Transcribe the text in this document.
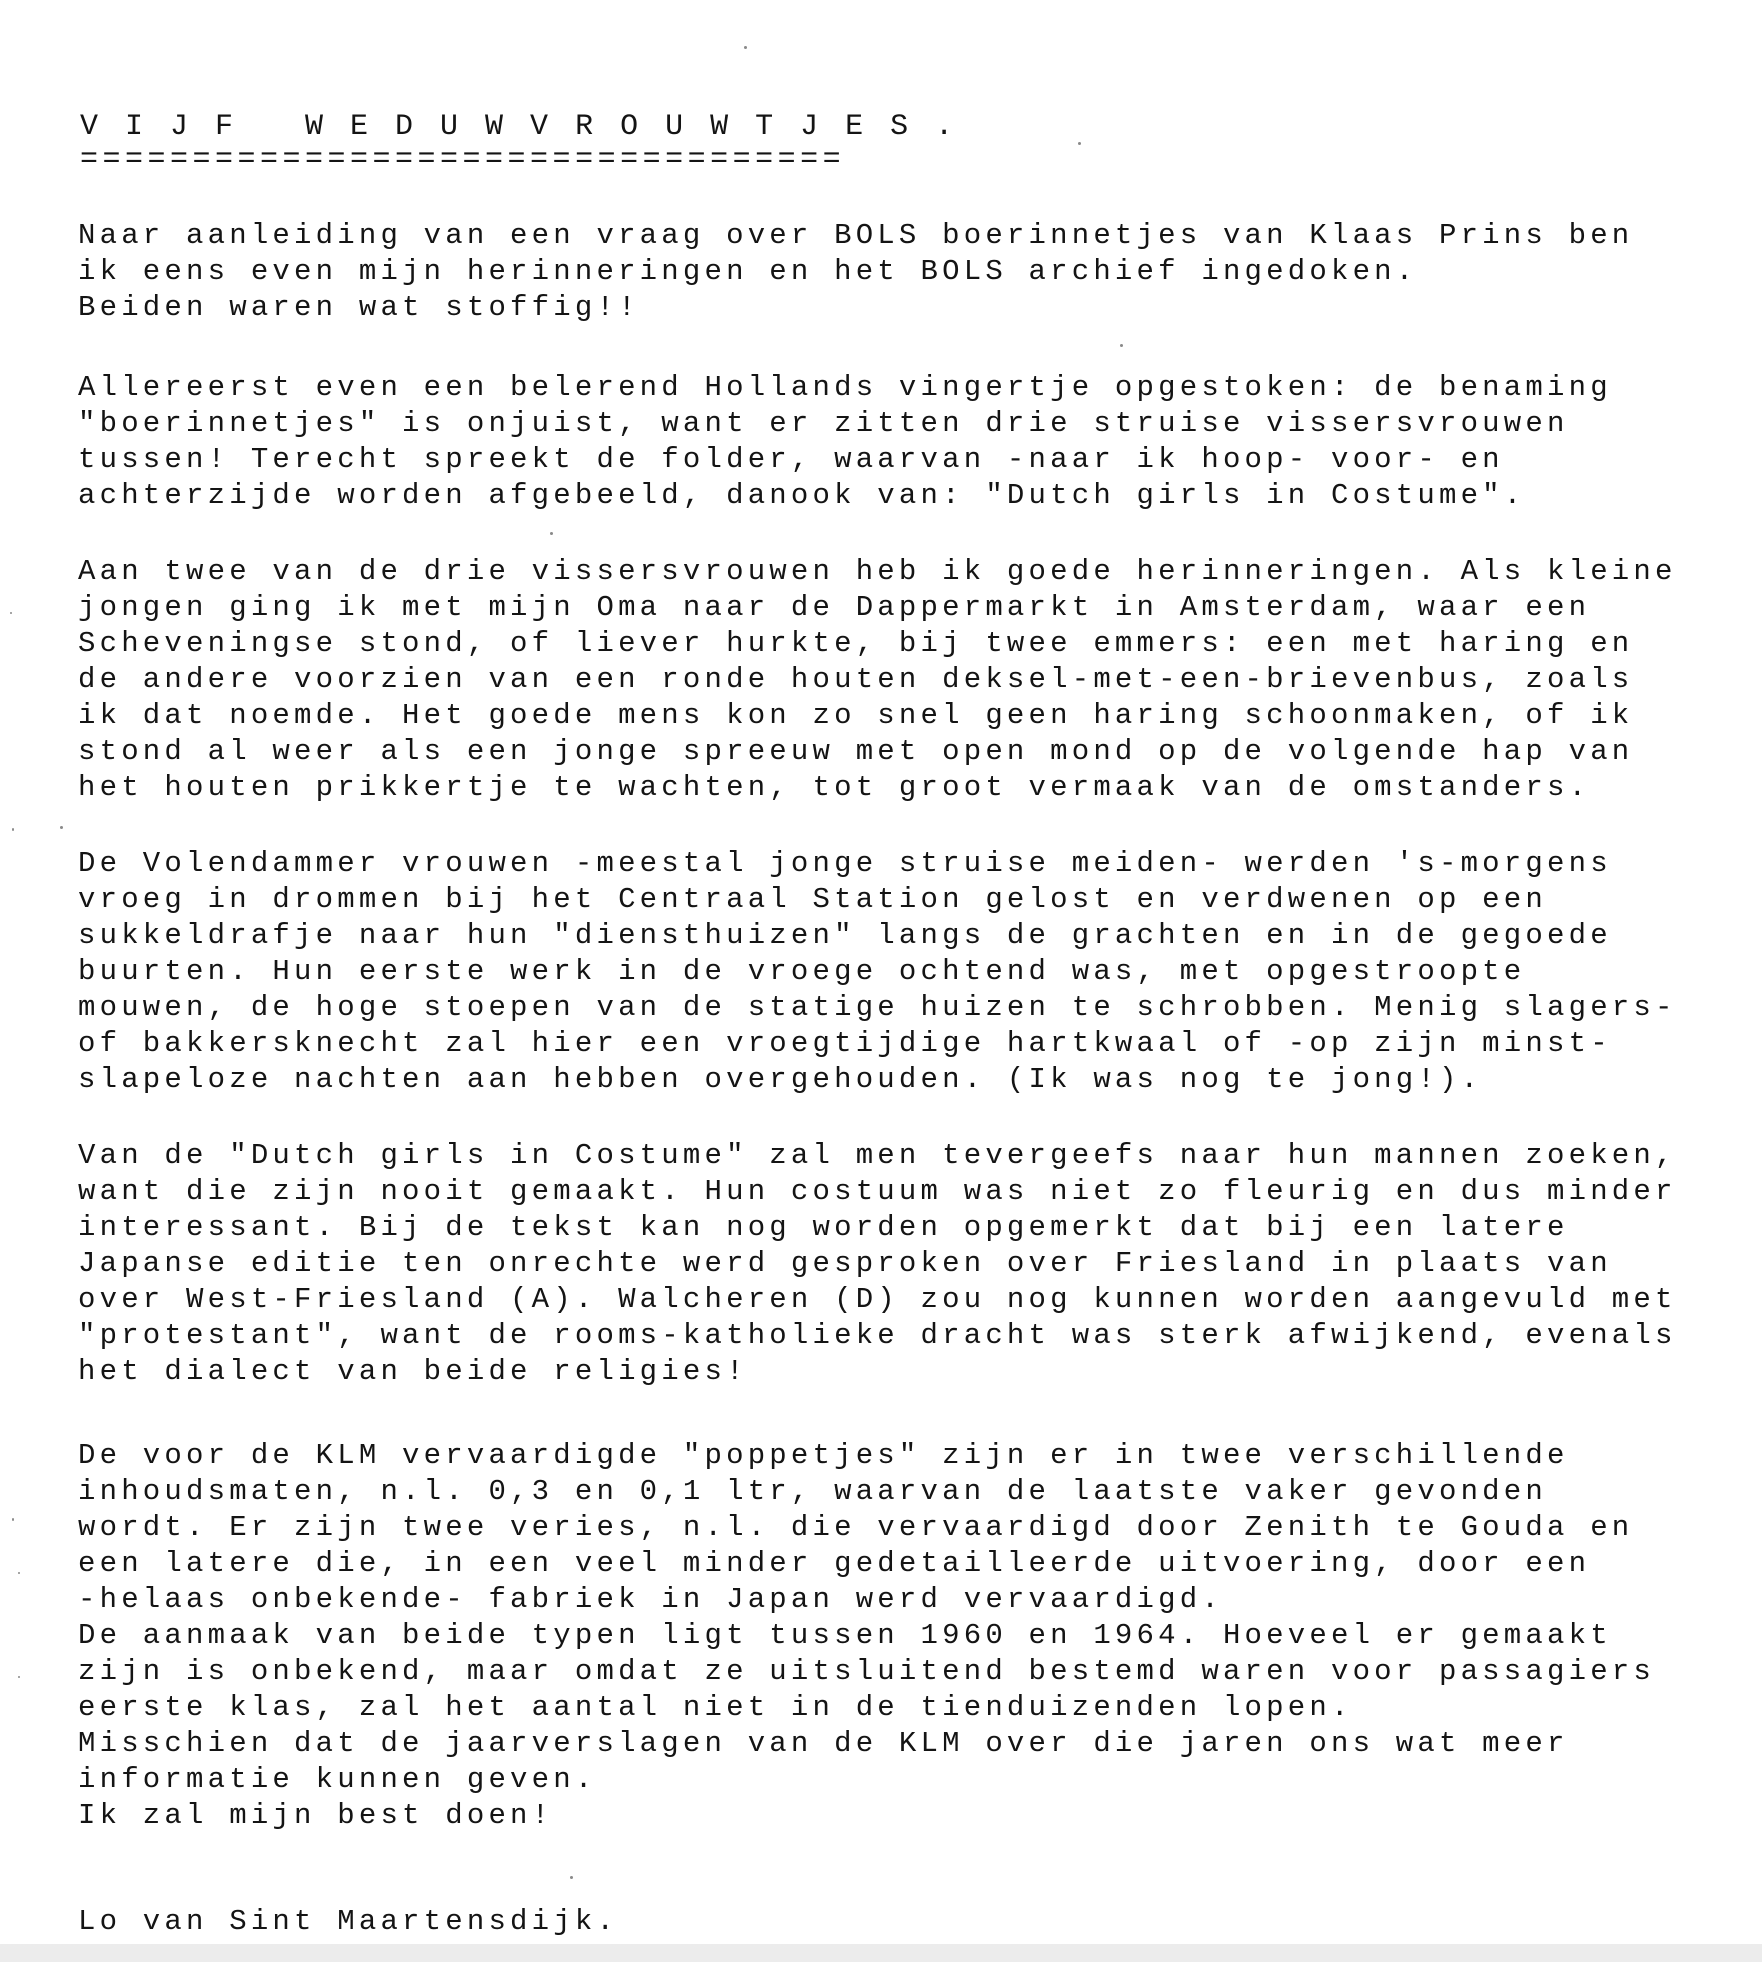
V I J F   W E D U W V R O U W T J E S .
==================================
Naar aanleiding van een vraag over BOLS boerinnetjes van Klaas Prins ben
ik eens even mijn herinneringen en het BOLS archief ingedoken.
Beiden waren wat stoffig!!
Allereerst even een belerend Hollands vingertje opgestoken: de benaming
"boerinnetjes" is onjuist, want er zitten drie struise vissersvrouwen
tussen! Terecht spreekt de folder, waarvan -naar ik hoop- voor- en
achterzijde worden afgebeeld, danook van: "Dutch girls in Costume".
Aan twee van de drie vissersvrouwen heb ik goede herinneringen. Als kleine
jongen ging ik met mijn Oma naar de Dappermarkt in Amsterdam, waar een
Scheveningse stond, of liever hurkte, bij twee emmers: een met haring en
de andere voorzien van een ronde houten deksel-met-een-brievenbus, zoals
ik dat noemde. Het goede mens kon zo snel geen haring schoonmaken, of ik
stond al weer als een jonge spreeuw met open mond op de volgende hap van
het houten prikkertje te wachten, tot groot vermaak van de omstanders.
De Volendammer vrouwen -meestal jonge struise meiden- werden 's-morgens
vroeg in drommen bij het Centraal Station gelost en verdwenen op een
sukkeldrafje naar hun "diensthuizen" langs de grachten en in de gegoede
buurten. Hun eerste werk in de vroege ochtend was, met opgestroopte
mouwen, de hoge stoepen van de statige huizen te schrobben. Menig slagers-
of bakkersknecht zal hier een vroegtijdige hartkwaal of -op zijn minst-
slapeloze nachten aan hebben overgehouden. (Ik was nog te jong!).
Van de "Dutch girls in Costume" zal men tevergeefs naar hun mannen zoeken,
want die zijn nooit gemaakt. Hun costuum was niet zo fleurig en dus minder
interessant. Bij de tekst kan nog worden opgemerkt dat bij een latere
Japanse editie ten onrechte werd gesproken over Friesland in plaats van
over West-Friesland (A). Walcheren (D) zou nog kunnen worden aangevuld met
"protestant", want de rooms-katholieke dracht was sterk afwijkend, evenals
het dialect van beide religies!
De voor de KLM vervaardigde "poppetjes" zijn er in twee verschillende
inhoudsmaten, n.l. 0,3 en 0,1 ltr, waarvan de laatste vaker gevonden
wordt. Er zijn twee veries, n.l. die vervaardigd door Zenith te Gouda en
een latere die, in een veel minder gedetailleerde uitvoering, door een
-helaas onbekende- fabriek in Japan werd vervaardigd.
De aanmaak van beide typen ligt tussen 1960 en 1964. Hoeveel er gemaakt
zijn is onbekend, maar omdat ze uitsluitend bestemd waren voor passagiers
eerste klas, zal het aantal niet in de tienduizenden lopen.
Misschien dat de jaarverslagen van de KLM over die jaren ons wat meer
informatie kunnen geven.
Ik zal mijn best doen!
Lo van Sint Maartensdijk.
